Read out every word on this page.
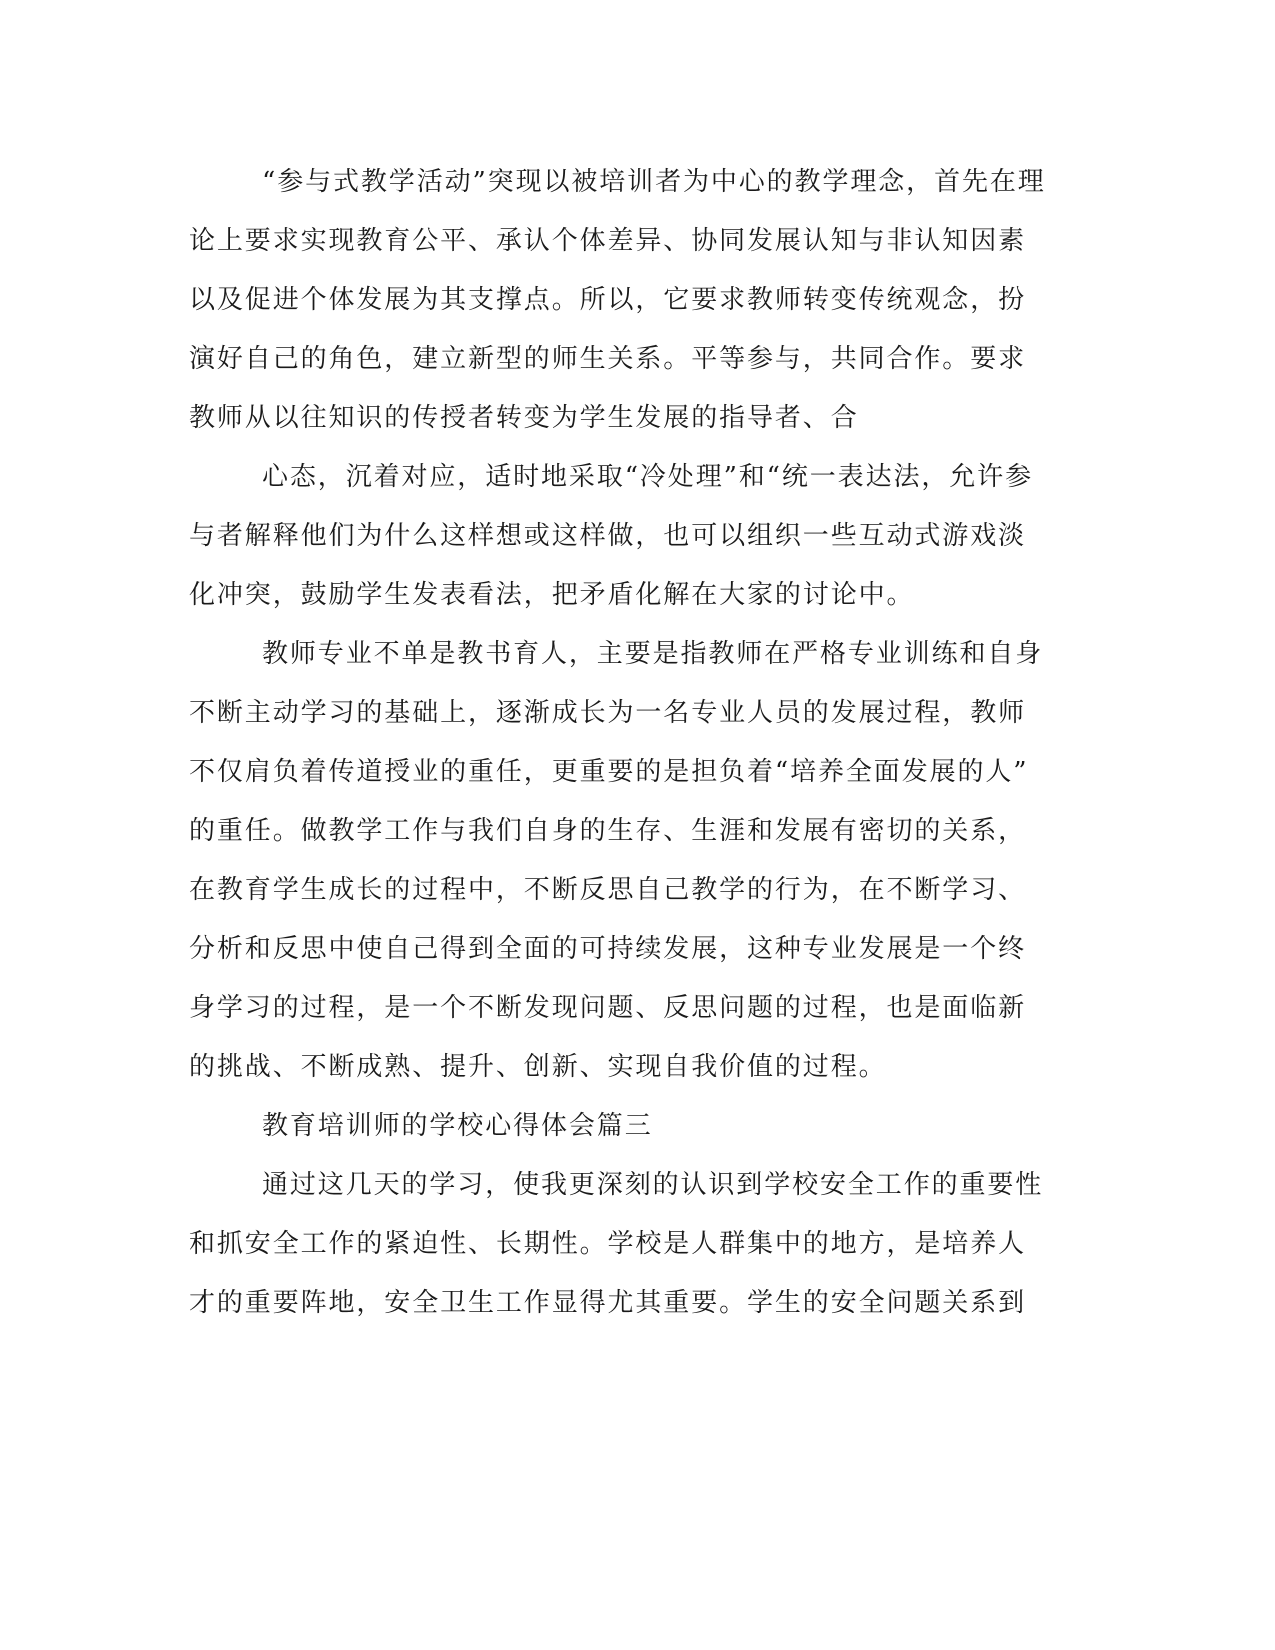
“参与式教学活动”突现以被培训者为中心的教学理念，首先在理

论上要求实现教育公平、承认个体差异、协同发展认知与非认知因素

以及促进个体发展为其支撑点。所以，它要求教师转变传统观念，扮

演好自己的角色，建立新型的师生关系。平等参与，共同合作。要求

教师从以往知识的传授者转变为学生发展的指导者、合

心态，沉着对应，适时地采取“冷处理”和“统一表达法，允许参

与者解释他们为什么这样想或这样做，也可以组织一些互动式游戏淡

化冲突，鼓励学生发表看法，把矛盾化解在大家的讨论中。

教师专业不单是教书育人，主要是指教师在严格专业训练和自身

不断主动学习的基础上，逐渐成长为一名专业人员的发展过程，教师

不仅肩负着传道授业的重任，更重要的是担负着“培养全面发展的人”

的重任。做教学工作与我们自身的生存、生涯和发展有密切的关系，

在教育学生成长的过程中，不断反思自己教学的行为，在不断学习、

分析和反思中使自己得到全面的可持续发展，这种专业发展是一个终

身学习的过程，是一个不断发现问题、反思问题的过程，也是面临新

的挑战、不断成熟、提升、创新、实现自我价值的过程。

教育培训师的学校心得体会篇三

通过这几天的学习，使我更深刻的认识到学校安全工作的重要性

和抓安全工作的紧迫性、长期性。学校是人群集中的地方，是培养人

才的重要阵地，安全卫生工作显得尤其重要。学生的安全问题关系到
